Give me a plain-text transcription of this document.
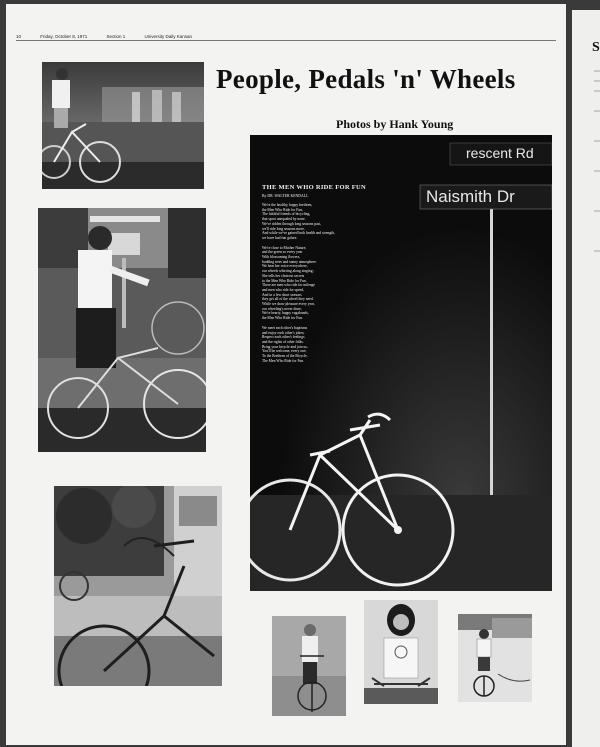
10	Friday, October 8, 1971	Section 1	University Daily Kansan
People, Pedals 'n' Wheels
Photos by Hank Young
rescent Rd
Naismith Dr
THE MEN WHO RIDE FOR FUN
By DR. WALTER KENDALL
We're the healthy, happy brethren,
the Men Who Ride for Fun,
The faithful friends of bicycling,
that sport unequaled by none.
We've ridden through long seasons past,
we'll ride long seasons more,
And while we've gained both health and strength,
we have had fun galore.
We're close to Mother Nature,
and the green so every year
With blossoming flowers,
budding trees and sunny atmosphere.
We hear her voice everywhere,
our wheels whirring along singing;
She tells her choicest secrets
to the Men Who Ride for Fun.
There are men who ride for mileage
and men who ride for speed,
And in a few short seasons
they get all of the wheel they need.
While we draw pleasure every year,
our wheeling's never done;
We're hearty, happy vagabonds,
the Men Who Ride for Fun.
We meet each other's baptisms
and enjoy each other's jokes;
Respect each other's feelings
and the rights of other folks.
Bring your bicycle and join us,
You'll be welcome, every one,
To the Brethren of the Bicycle,
The Men Who Ride for Fun.
S
